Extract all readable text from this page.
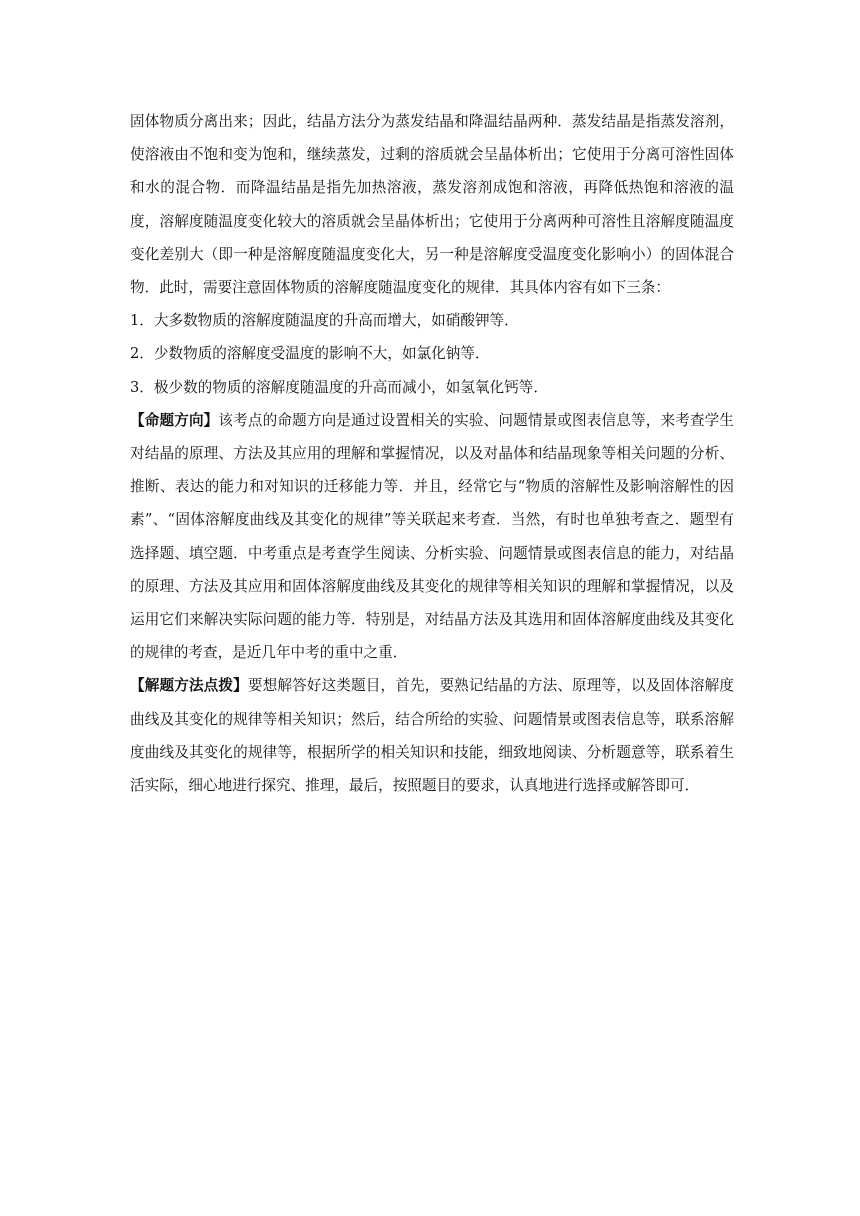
固体物质分离出来；因此，结晶方法分为蒸发结晶和降温结晶两种．蒸发结晶是指蒸发溶剂，使溶液由不饱和变为饱和，继续蒸发，过剩的溶质就会呈晶体析出；它使用于分离可溶性固体和水的混合物．而降温结晶是指先加热溶液，蒸发溶剂成饱和溶液，再降低热饱和溶液的温度，溶解度随温度变化较大的溶质就会呈晶体析出；它使用于分离两种可溶性且溶解度随温度变化差别大（即一种是溶解度随温度变化大，另一种是溶解度受温度变化影响小）的固体混合物．此时，需要注意固体物质的溶解度随温度变化的规律．其具体内容有如下三条：

1．大多数物质的溶解度随温度的升高而增大，如硝酸钾等．

2．少数物质的溶解度受温度的影响不大，如氯化钠等．

3．极少数的物质的溶解度随温度的升高而减小，如氢氧化钙等．

【命题方向】该考点的命题方向是通过设置相关的实验、问题情景或图表信息等，来考查学生对结晶的原理、方法及其应用的理解和掌握情况，以及对晶体和结晶现象等相关问题的分析、推断、表达的能力和对知识的迁移能力等．并且，经常它与“物质的溶解性及影响溶解性的因素”、“固体溶解度曲线及其变化的规律”等关联起来考查．当然，有时也单独考查之．题型有选择题、填空题．中考重点是考查学生阅读、分析实验、问题情景或图表信息的能力，对结晶的原理、方法及其应用和固体溶解度曲线及其变化的规律等相关知识的理解和掌握情况，以及运用它们来解决实际问题的能力等．特别是，对结晶方法及其选用和固体溶解度曲线及其变化的规律的考查，是近几年中考的重中之重．

【解题方法点拨】要想解答好这类题目，首先，要熟记结晶的方法、原理等，以及固体溶解度曲线及其变化的规律等相关知识；然后，结合所给的实验、问题情景或图表信息等，联系溶解度曲线及其变化的规律等，根据所学的相关知识和技能，细致地阅读、分析题意等，联系着生活实际，细心地进行探究、推理，最后，按照题目的要求，认真地进行选择或解答即可．
